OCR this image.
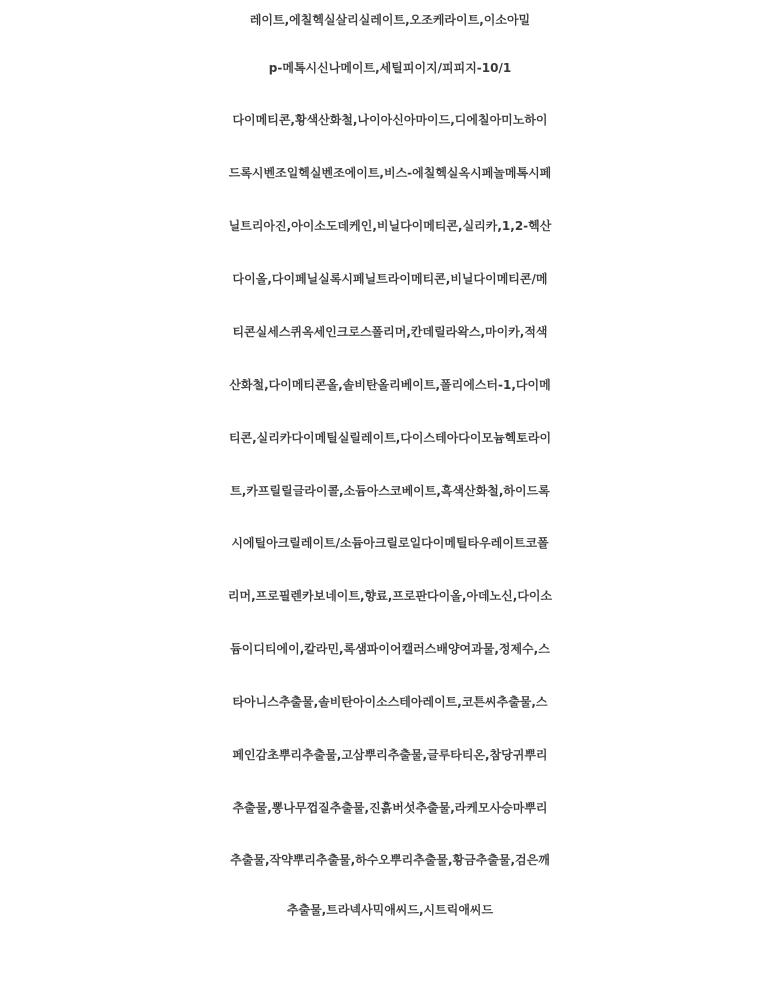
레이트,에칠헥실살리실레이트,오조케라이트,이소아밀
p-메톡시신나메이트,세틸피이지/피피지-10/1
다이메티콘,황색산화철,나이아신아마이드,디에칠아미노하이
드록시벤조일헥실벤조에이트,비스-에칠헥실옥시페놀메톡시페
닐트리아진,아이소도데케인,비닐다이메티콘,실리카,1,2-헥산
다이올,다이페닐실록시페닐트라이메티콘,비닐다이메티콘/메
티콘실세스퀴옥세인크로스폴리머,칸데릴라왁스,마이카,적색
산화철,다이메티콘올,솔비탄올리베이트,폴리에스터-1,다이메
티콘,실리카다이메틸실릴레이트,다이스테아다이모늄헥토라이
트,카프릴릴글라이콜,소듐아스코베이트,흑색산화철,하이드록
시에틸아크릴레이트/소듐아크릴로일다이메틸타우레이트코폴
리머,프로필렌카보네이트,향료,프로판다이올,아데노신,다이소
듐이디티에이,칼라민,록샘파이어캘러스배양여과물,정제수,스
타아니스추출물,솔비탄아이소스테아레이트,코튼씨추출물,스
페인감초뿌리추출물,고삼뿌리추출물,글루타티온,참당귀뿌리
추출물,뽕나무껍질추출물,진흙버섯추출물,라케모사승마뿌리
추출물,작약뿌리추출물,하수오뿌리추출물,황금추출물,검은깨
추출물,트라넥사믹애씨드,시트릭애씨드
